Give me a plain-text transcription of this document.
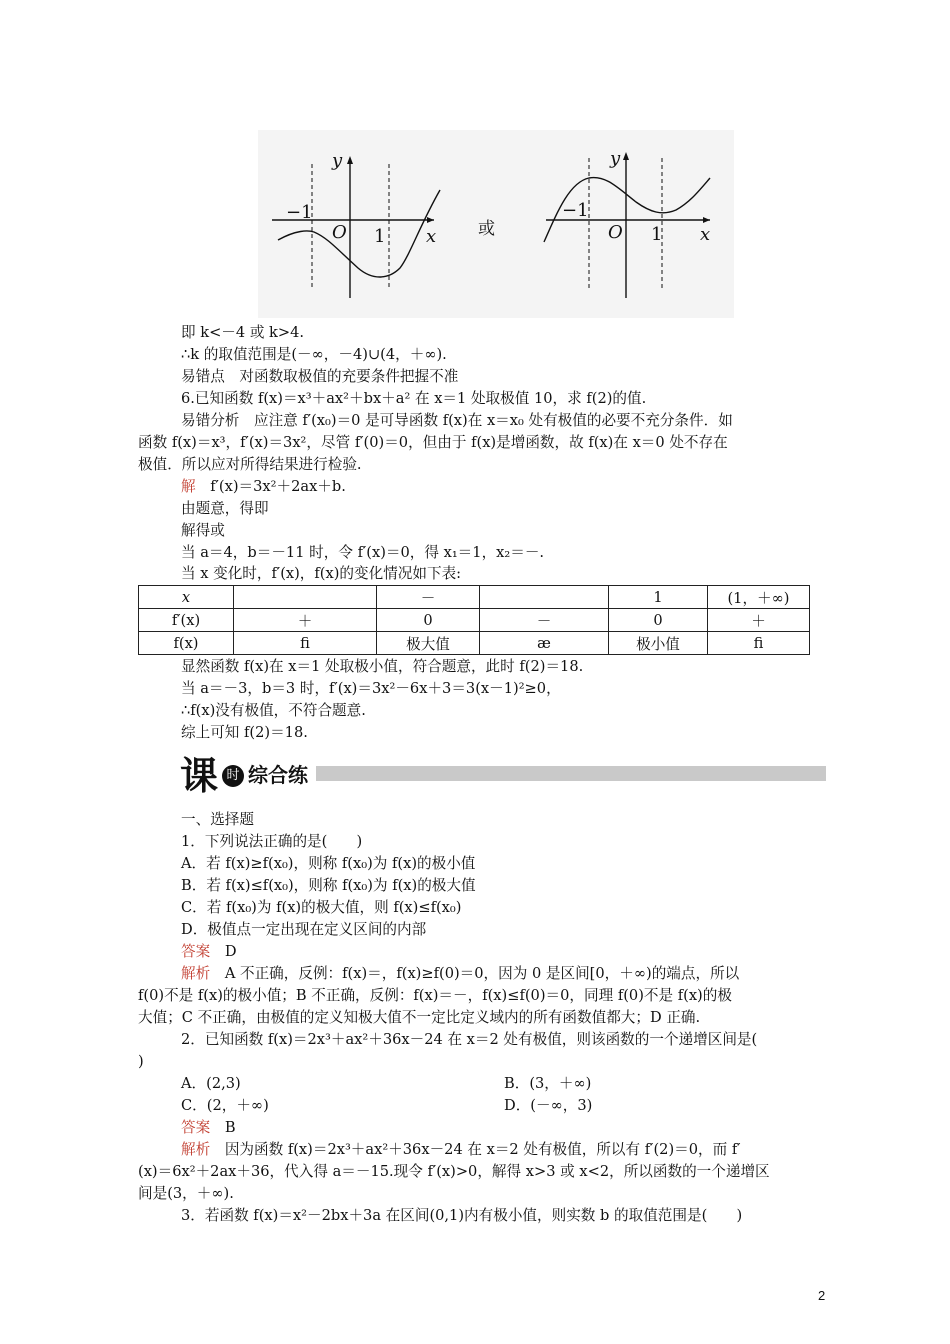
y
x
O
−1
1	或
y
x
O
−1
1
即 k<－4 或 k>4.
∴k 的取值范围是(－∞，－4)∪(4，＋∞).
易错点　对函数取极值的充要条件把握不准
6.已知函数 f(x)＝x³＋ax²＋bx＋a² 在 x＝1 处取极值 10，求 f(2)的值.
易错分析　应注意 f′(x₀)＝0 是可导函数 f(x)在 x＝x₀ 处有极值的必要不充分条件．如
函数 f(x)＝x³，f′(x)＝3x²，尽管 f′(0)＝0，但由于 f(x)是增函数，故 f(x)在 x＝0 处不存在
极值．所以应对所得结果进行检验.
解　f′(x)＝3x²＋2ax＋b.
由题意，得即
解得或
当 a＝4，b＝－11 时，令 f′(x)＝0，得 x₁＝1，x₂＝－.
当 x 变化时，f′(x)，f(x)的变化情况如下表:
x		－		1	(1，＋∞)
f′(x)	＋	0	－	0	＋
f(x)	ﬁ	极大值	æ	极小值	ﬁ
显然函数 f(x)在 x＝1 处取极小值，符合题意，此时 f(2)＝18.
当 a＝－3，b＝3 时，f′(x)＝3x²－6x＋3＝3(x－1)²≥0，
∴f(x)没有极值，不符合题意.
综上可知 f(2)＝18.
课 时 综合练
一、选择题
1．下列说法正确的是(　　)
A．若 f(x)≥f(x₀)，则称 f(x₀)为 f(x)的极小值
B．若 f(x)≤f(x₀)，则称 f(x₀)为 f(x)的极大值
C．若 f(x₀)为 f(x)的极大值，则 f(x)≤f(x₀)
D．极值点一定出现在定义区间的内部
答案　 D
解析　 A 不正确，反例：f(x)＝，f(x)≥f(0)＝0，因为 0 是区间[0，＋∞)的端点，所以
f(0)不是 f(x)的极小值；B 不正确，反例：f(x)＝－，f(x)≤f(0)＝0，同理 f(0)不是 f(x)的极
大值；C 不正确，由极值的定义知极大值不一定比定义域内的所有函数值都大；D 正确.
2．已知函数 f(x)＝2x³＋ax²＋36x－24 在 x＝2 处有极值，则该函数的一个递增区间是(
)
A．(2,3)	B．(3，＋∞)
C．(2，＋∞)	D．(－∞，3)
答案　 B
解析　 因为函数 f(x)＝2x³＋ax²＋36x－24 在 x＝2 处有极值，所以有 f′(2)＝0，而 f′
(x)＝6x²＋2ax＋36，代入得 a＝－15.现令 f′(x)>0，解得 x>3 或 x<2，所以函数的一个递增区
间是(3，＋∞).
3．若函数 f(x)＝x²－2bx＋3a 在区间(0,1)内有极小值，则实数 b 的取值范围是(　　)
2
